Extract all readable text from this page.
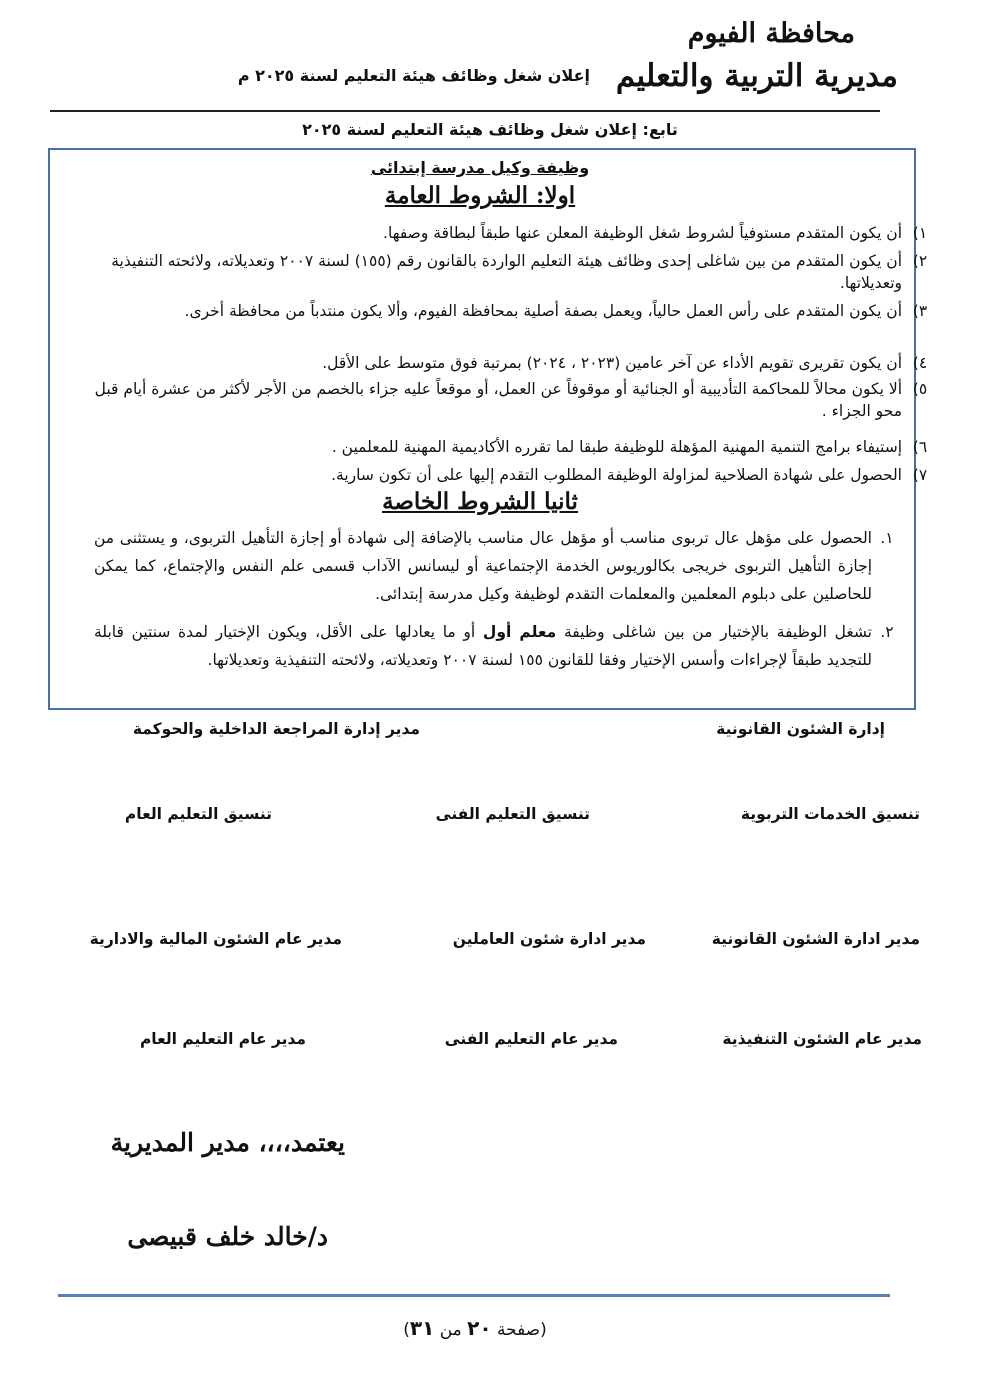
محافظة الفيوم
مديرية التربية والتعليم
إعلان شغل وظائف هيئة التعليم لسنة ٢٠٢٥ م
تابع: إعلان شغل وظائف هيئة التعليم لسنة ٢٠٢٥
وظيفة وكيل مدرسة إبتدائى
اولا: الشروط العامة
١)
أن يكون المتقدم مستوفياً لشروط شغل الوظيفة المعلن عنها طبقاً لبطاقة وصفها.
٢)
أن يكون المتقدم من بين شاغلى إحدى وظائف هيئة التعليم الواردة بالقانون رقم (١٥٥) لسنة ٢٠٠٧ وتعديلاته، ولائحته التنفيذية وتعديلاتها.
٣)
أن يكون المتقدم على رأس العمل حالياً، ويعمل بصفة أصلية بمحافظة الفيوم، وألا يكون منتدباً من محافظة أخرى.
٤)
أن يكون تقريرى تقويم الأداء عن آخر عامين (٢٠٢٣ ، ٢٠٢٤) بمرتبة فوق متوسط على الأقل.
٥)
ألا يكون محالاً للمحاكمة التأديبية أو الجنائية أو موقوفاً عن العمل، أو موقعاً عليه جزاء بالخصم من الأجر لأكثر من عشرة أيام قبل محو الجزاء .
٦)
إستيفاء برامج التنمية المهنية المؤهلة للوظيفة طبقا لما تقرره الأكاديمية المهنية للمعلمين .
٧)
الحصول على شهادة الصلاحية لمزاولة الوظيفة المطلوب التقدم إليها على أن تكون سارية.
ثانيا الشروط الخاصة
١.
الحصول على مؤهل عال تربوى مناسب أو مؤهل عال مناسب بالإضافة إلى شهادة أو إجازة التأهيل التربوى، و يستثنى من إجازة التأهيل التربوى خريجى بكالوريوس الخدمة الإجتماعية أو ليسانس الآداب قسمى علم النفس والإجتماع، كما يمكن للحاصلين على دبلوم المعلمين والمعلمات التقدم لوظيفة وكيل مدرسة إبتدائى.
٢.
تشغل الوظيفة بالإختيار من بين شاغلى وظيفة معلم أول أو ما يعادلها على الأقل، ويكون الإختيار لمدة سنتين قابلة للتجديد طبقاً لإجراءات وأسس الإختيار وفقا للقانون ١٥٥ لسنة ٢٠٠٧ وتعديلاته، ولائحته التنفيذية وتعديلاتها.
إدارة الشئون القانونية
مدير إدارة المراجعة الداخلية والحوكمة
تنسيق الخدمات التربوية
تنسيق التعليم الفنى
تنسيق التعليم العام
مدير ادارة الشئون القانونية
مدير ادارة شئون العاملين
مدير عام الشئون المالية والادارية
مدير عام الشئون التنفيذية
مدير عام التعليم الفنى
مدير عام التعليم العام
يعتمد،،،، مدير المديرية
د/خالد خلف قبيصى
(صفحة ٢٠ من ٣١)
